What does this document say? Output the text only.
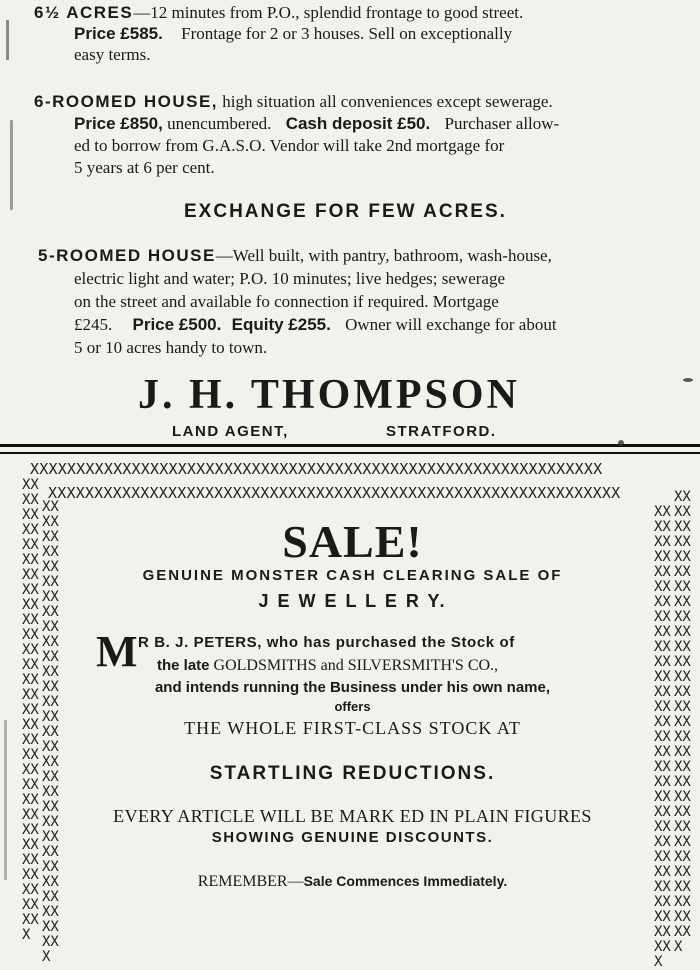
6½ ACRES—12 minutes from P.O., splendid frontage to good street.
Price £585. Frontage for 2 or 3 houses. Sell on exceptionally
easy terms.
6-ROOMED HOUSE, high situation all conveniences except sewerage.
Price £850, unencumbered. Cash deposit £50. Purchaser allow-
ed to borrow from G.A.S.O. Vendor will take 2nd mortgage for
5 years at 6 per cent.
EXCHANGE FOR FEW ACRES.
5-ROOMED HOUSE—Well built, with pantry, bathroom, wash-house,
electric light and water; P.O. 10 minutes; live hedges; sewerage
on the street and available fo connection if required. Mortgage
£245. Price £500. Equity £255. Owner will exchange for about
5 or 10 acres handy to town.
J. H. THOMPSON
LAND AGENT,	STRATFORD.
XXXXXXXXXXXXXXXXXXXXXXXXXXXXXXXXXXXXXXXXXXXXXXXXXXXXXXXXXXXXXX
XXXXXXXXXXXXXXXXXXXXXXXXXXXXXXXXXXXXXXXXXXXXXXXXXXXXXXXXXXXXXX
XXXXXXXXXXXXXXXXXXXXXXXXXXXXXXXXXXXXXXXXXXXXXXXXXXXXXXXXXXXXX
XXXXXXXXXXXXXXXXXXXXXXXXXXXXXXXXXXXXXXXXXXXXXXXXXXXXXXXXXXXXX
XXXXXXXXXXXXXXXXXXXXXXXXXXXXXXXXXXXXXXXXXXXXXXXXXXXXXXXXXXXXX
XXXXXXXXXXXXXXXXXXXXXXXXXXXXXXXXXXXXXXXXXXXXXXXXXXXXXXXXXXXXX
SALE!
GENUINE MONSTER CASH CLEARING SALE OF
J E W E L L E R Y.
M R B. J. PETERS, who has purchased the Stock of
the late GOLDSMITHS and SILVERSMITH'S CO.,
and intends running the Business under his own name,
offers
THE WHOLE FIRST-CLASS STOCK AT
STARTLING REDUCTIONS.
EVERY ARTICLE WILL BE MARK ED IN PLAIN FIGURES
SHOWING GENUINE DISCOUNTS.
REMEMBER—Sale Commences Immediately.
